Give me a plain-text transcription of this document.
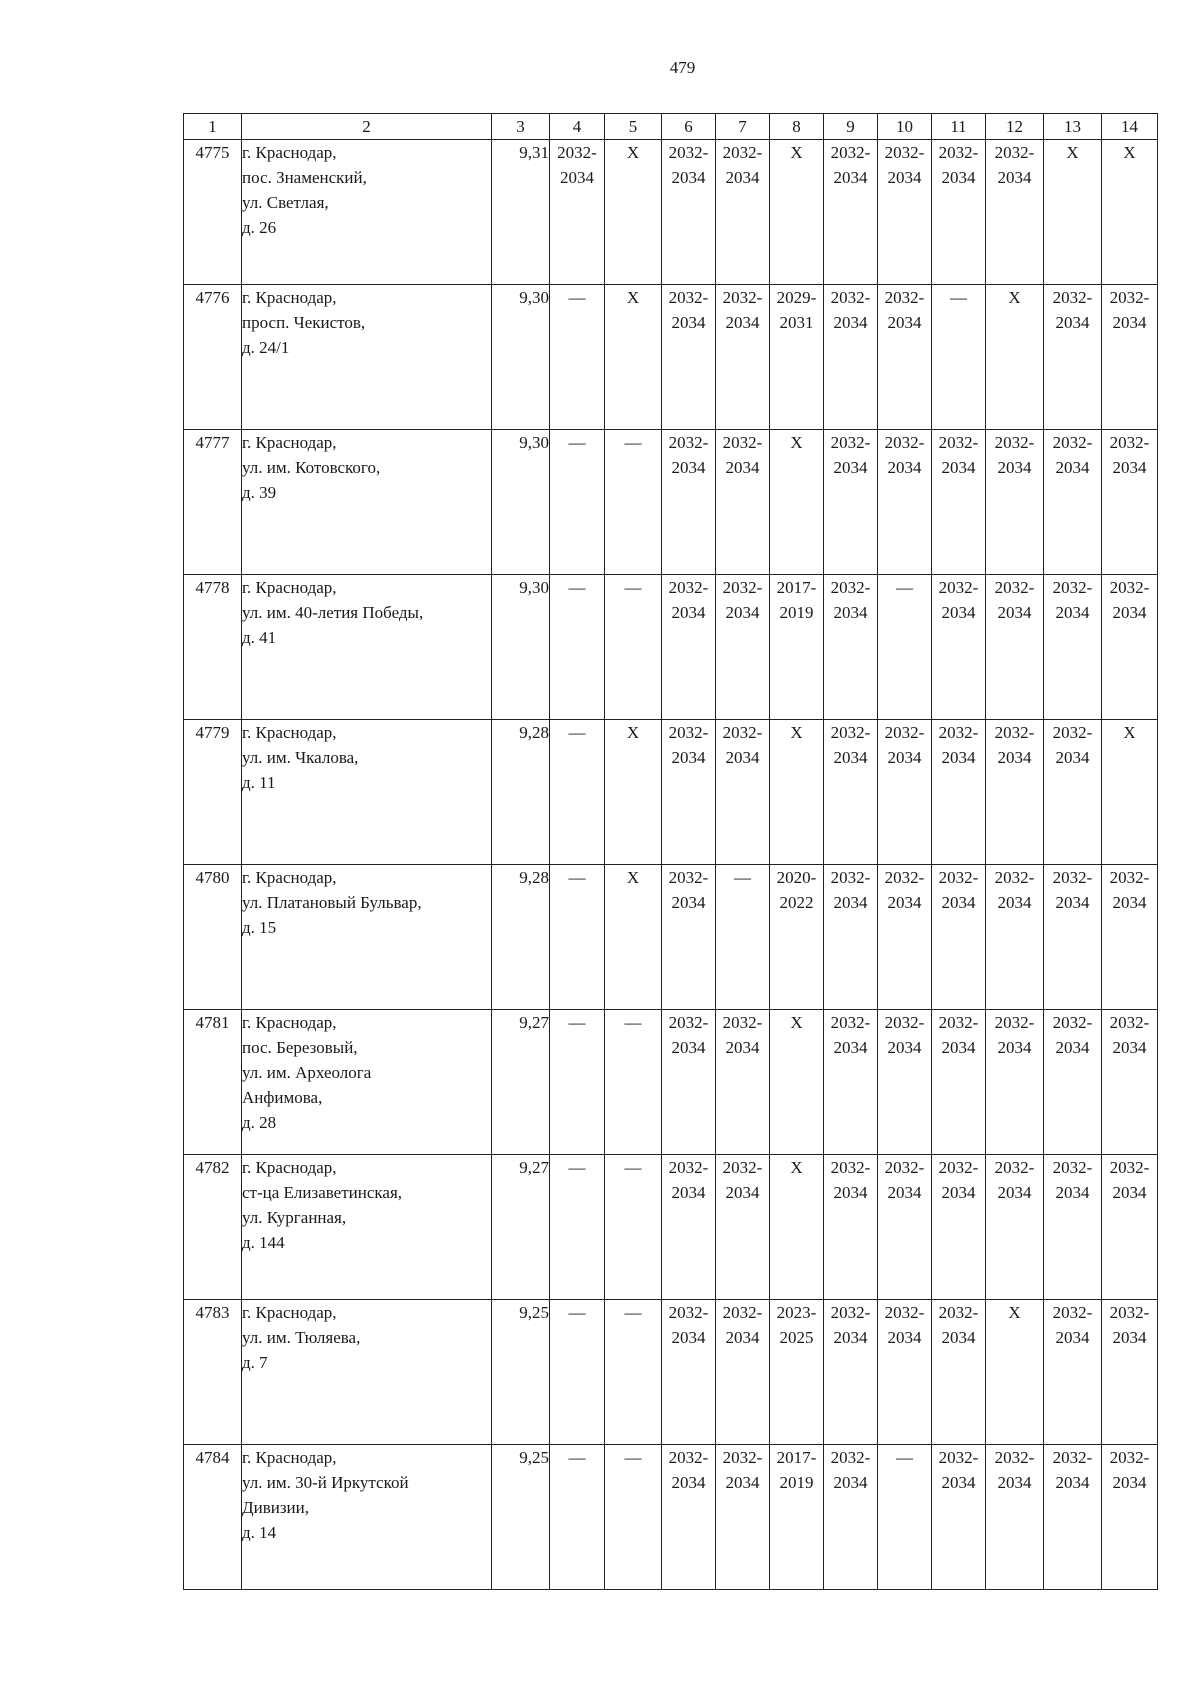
479
1	2	3	4	5	6	7	8	9	10	11	12	13	14
4775	г. Краснодар,
пос. Знаменский,
ул. Светлая,
д. 26	9,31	2032-
2034	Х	2032-
2034	2032-
2034	Х	2032-
2034	2032-
2034	2032-
2034	2032-
2034	Х	Х
4776	г. Краснодар,
просп. Чекистов,
д. 24/1	9,30	—	Х	2032-
2034	2032-
2034	2029-
2031	2032-
2034	2032-
2034	—	Х	2032-
2034	2032-
2034
4777	г. Краснодар,
ул. им. Котовского,
д. 39	9,30	—	—	2032-
2034	2032-
2034	Х	2032-
2034	2032-
2034	2032-
2034	2032-
2034	2032-
2034	2032-
2034
4778	г. Краснодар,
ул. им. 40-летия Победы,
д. 41	9,30	—	—	2032-
2034	2032-
2034	2017-
2019	2032-
2034	—	2032-
2034	2032-
2034	2032-
2034	2032-
2034
4779	г. Краснодар,
ул. им. Чкалова,
д. 11	9,28	—	Х	2032-
2034	2032-
2034	Х	2032-
2034	2032-
2034	2032-
2034	2032-
2034	2032-
2034	Х
4780	г. Краснодар,
ул. Платановый Бульвар,
д. 15	9,28	—	Х	2032-
2034	—	2020-
2022	2032-
2034	2032-
2034	2032-
2034	2032-
2034	2032-
2034	2032-
2034
4781	г. Краснодар,
пос. Березовый,
ул. им. Археолога
Анфимова,
д. 28	9,27	—	—	2032-
2034	2032-
2034	Х	2032-
2034	2032-
2034	2032-
2034	2032-
2034	2032-
2034	2032-
2034
4782	г. Краснодар,
ст-ца Елизаветинская,
ул. Курганная,
д. 144	9,27	—	—	2032-
2034	2032-
2034	Х	2032-
2034	2032-
2034	2032-
2034	2032-
2034	2032-
2034	2032-
2034
4783	г. Краснодар,
ул. им. Тюляева,
д. 7	9,25	—	—	2032-
2034	2032-
2034	2023-
2025	2032-
2034	2032-
2034	2032-
2034	Х	2032-
2034	2032-
2034
4784	г. Краснодар,
ул. им. 30-й Иркутской
Дивизии,
д. 14	9,25	—	—	2032-
2034	2032-
2034	2017-
2019	2032-
2034	—	2032-
2034	2032-
2034	2032-
2034	2032-
2034
